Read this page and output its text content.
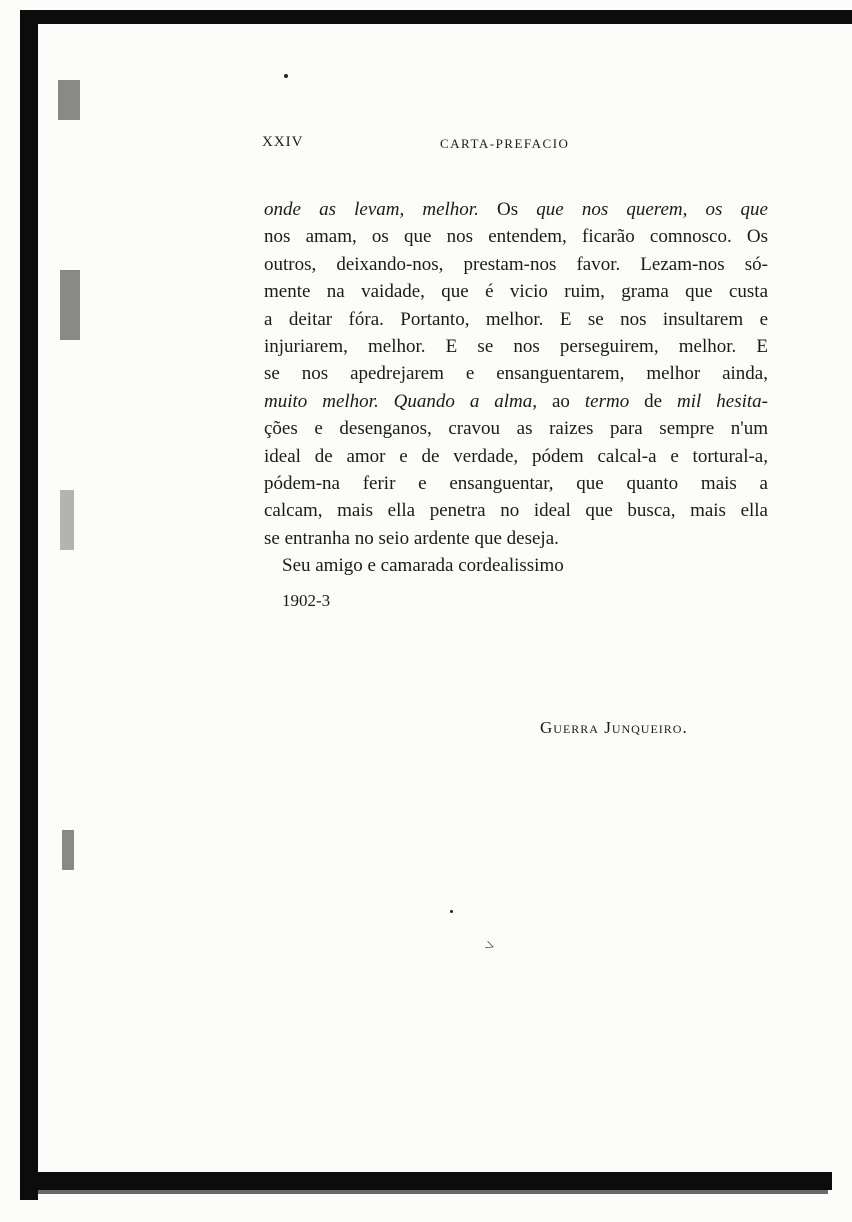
XXIV	CARTA-PREFACIO
onde as levam, melhor. Os que nos querem, os que
nos amam, os que nos entendem, ficarão comnosco. Os
outros, deixando-nos, prestam-nos favor. Lezam-nos só-
mente na vaidade, que é vicio ruim, grama que custa
a deitar fóra. Portanto, melhor. E se nos insultarem e
injuriarem, melhor. E se nos perseguirem, melhor. E
se nos apedrejarem e ensanguentarem, melhor ainda,
muito melhor. Quando a alma, ao termo de mil hesita-
ções e desenganos, cravou as raizes para sempre n'um
ideal de amor e de verdade, pódem calcal-a e tortural-a,
pódem-na ferir e ensanguentar, que quanto mais a
calcam, mais ella penetra no ideal que busca, mais ella
se entranha no seio ardente que deseja.
Seu amigo e camarada cordealissimo
1902-3
Guerra Junqueiro.
>
